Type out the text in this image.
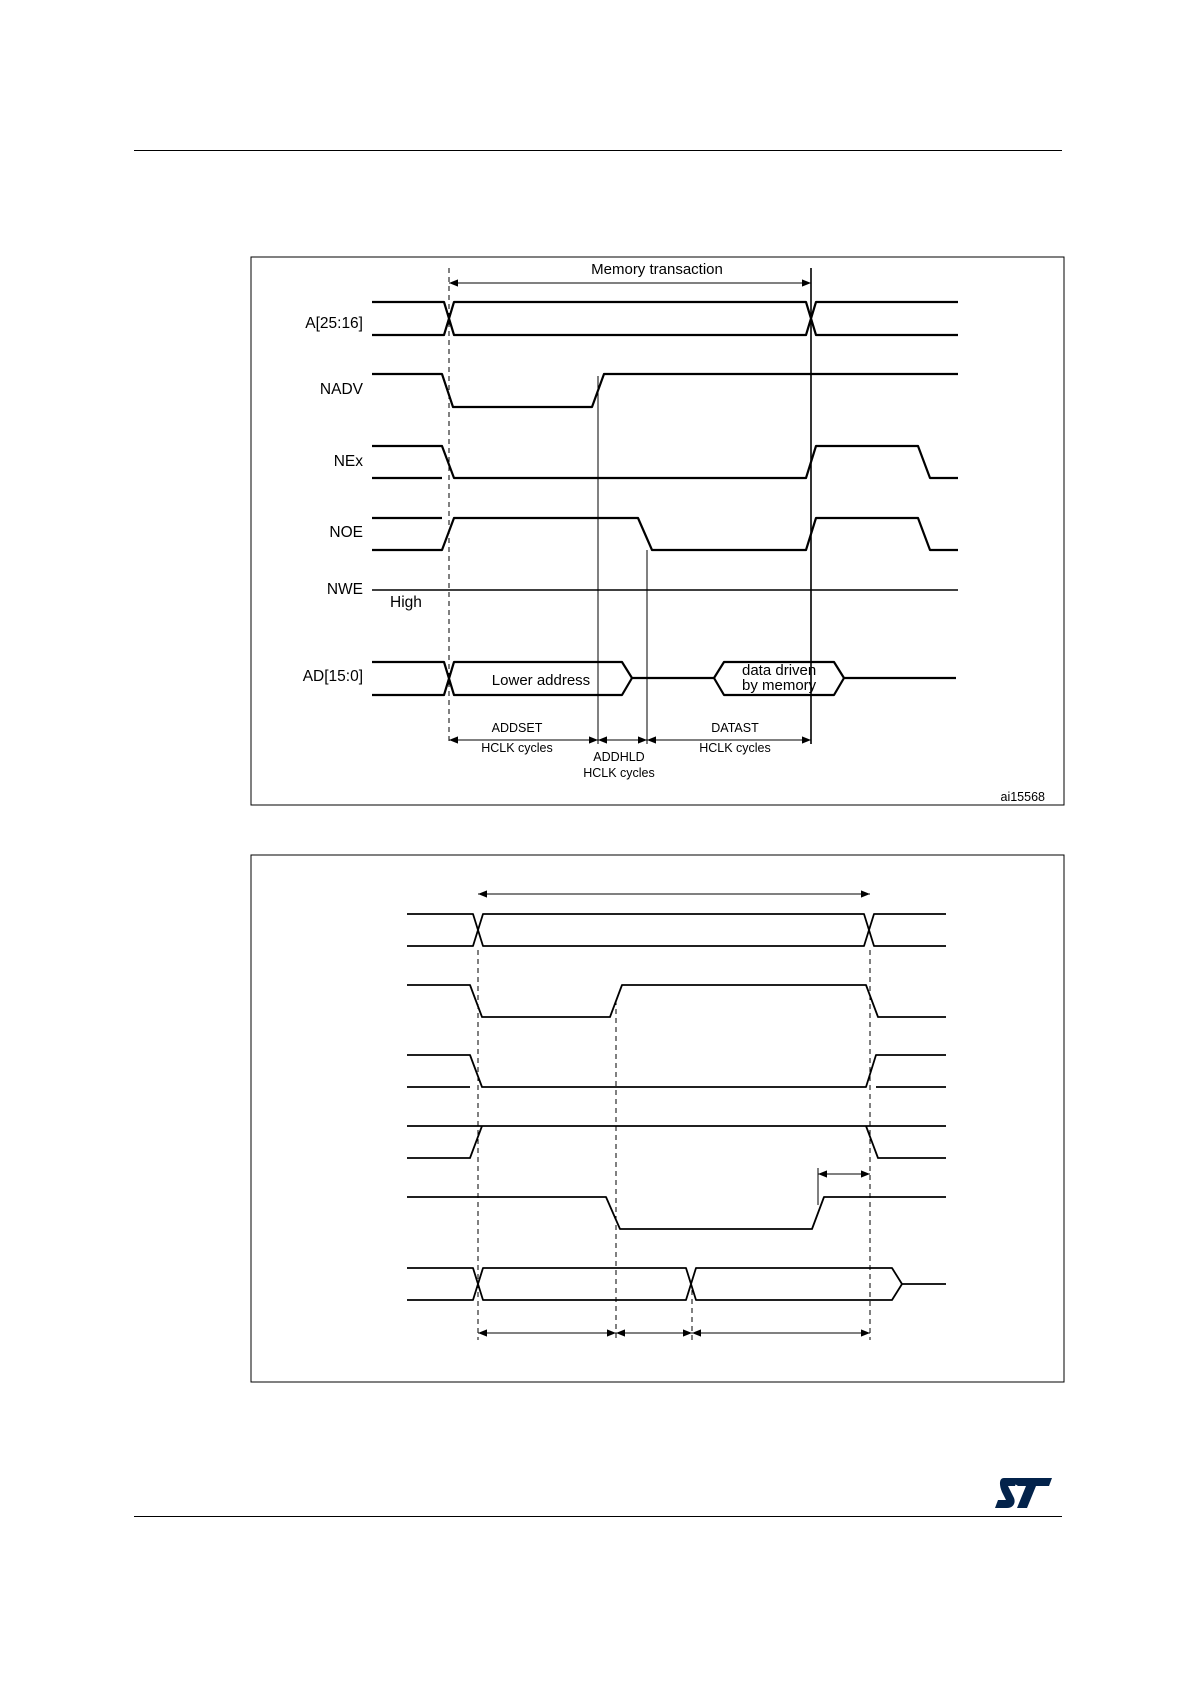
Memory transaction
A[25:16]
NADV
NEx
NOE
NWE
High
AD[15:0]	Lower address
data driven
by memory
ADDSET
HCLK cycles
ADDHLD
HCLK cycles
DATAST
HCLK cycles
ai15568
